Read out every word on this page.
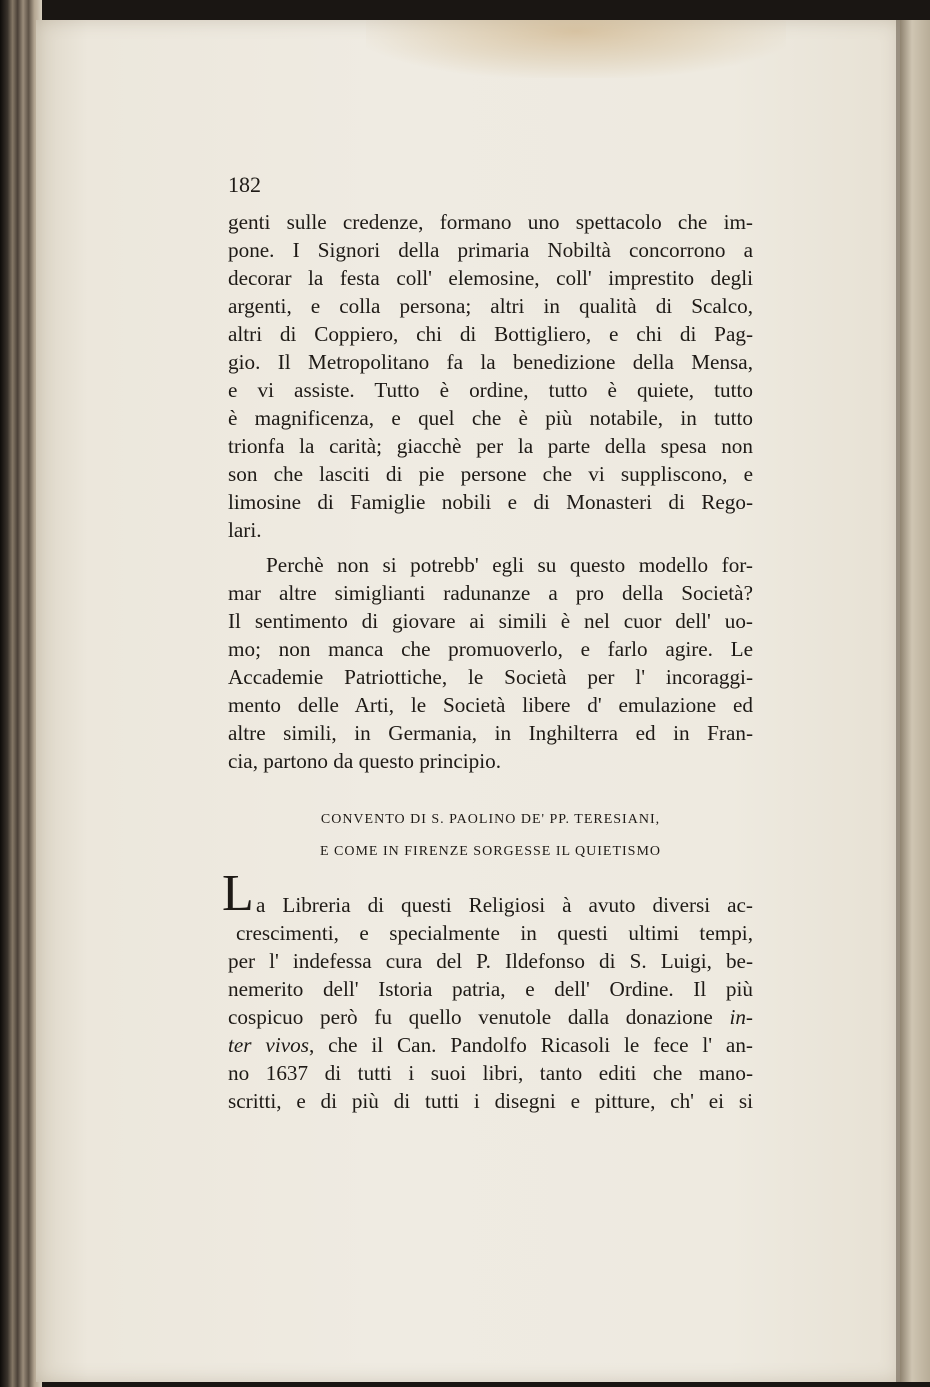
182
genti sulle credenze, formano uno spettacolo che im-
pone. I Signori della primaria Nobiltà concorrono a
decorar la festa coll' elemosine, coll' imprestito degli
argenti, e colla persona; altri in qualità di Scalco,
altri di Coppiero, chi di Bottigliero, e chi di Pag-
gio. Il Metropolitano fa la benedizione della Mensa,
e vi assiste. Tutto è ordine, tutto è quiete, tutto
è magnificenza, e quel che è più notabile, in tutto
trionfa la carità; giacchè per la parte della spesa non
son che lasciti di pie persone che vi suppliscono, e
limosine di Famiglie nobili e di Monasteri di Rego-
lari.
Perchè non si potrebb' egli su questo modello for-
mar altre simiglianti radunanze a pro della Società?
Il sentimento di giovare ai simili è nel cuor dell' uo-
mo; non manca che promuoverlo, e farlo agire. Le
Accademie Patriottiche, le Società per l' incoraggi-
mento delle Arti, le Società libere d' emulazione ed
altre simili, in Germania, in Inghilterra ed in Fran-
cia, partono da questo principio.
CONVENTO DI S. PAOLINO DE' PP. TERESIANI,
E COME IN FIRENZE SORGESSE IL QUIETISMO
L a Libreria di questi Religiosi à avuto diversi ac-
crescimenti, e specialmente in questi ultimi tempi,
per l' indefessa cura del P. Ildefonso di S. Luigi, be-
nemerito dell' Istoria patria, e dell' Ordine. Il più
cospicuo però fu quello venutole dalla donazione in-
ter vivos, che il Can. Pandolfo Ricasoli le fece l' an-
no 1637 di tutti i suoi libri, tanto editi che mano-
scritti, e di più di tutti i disegni e pitture, ch' ei si
